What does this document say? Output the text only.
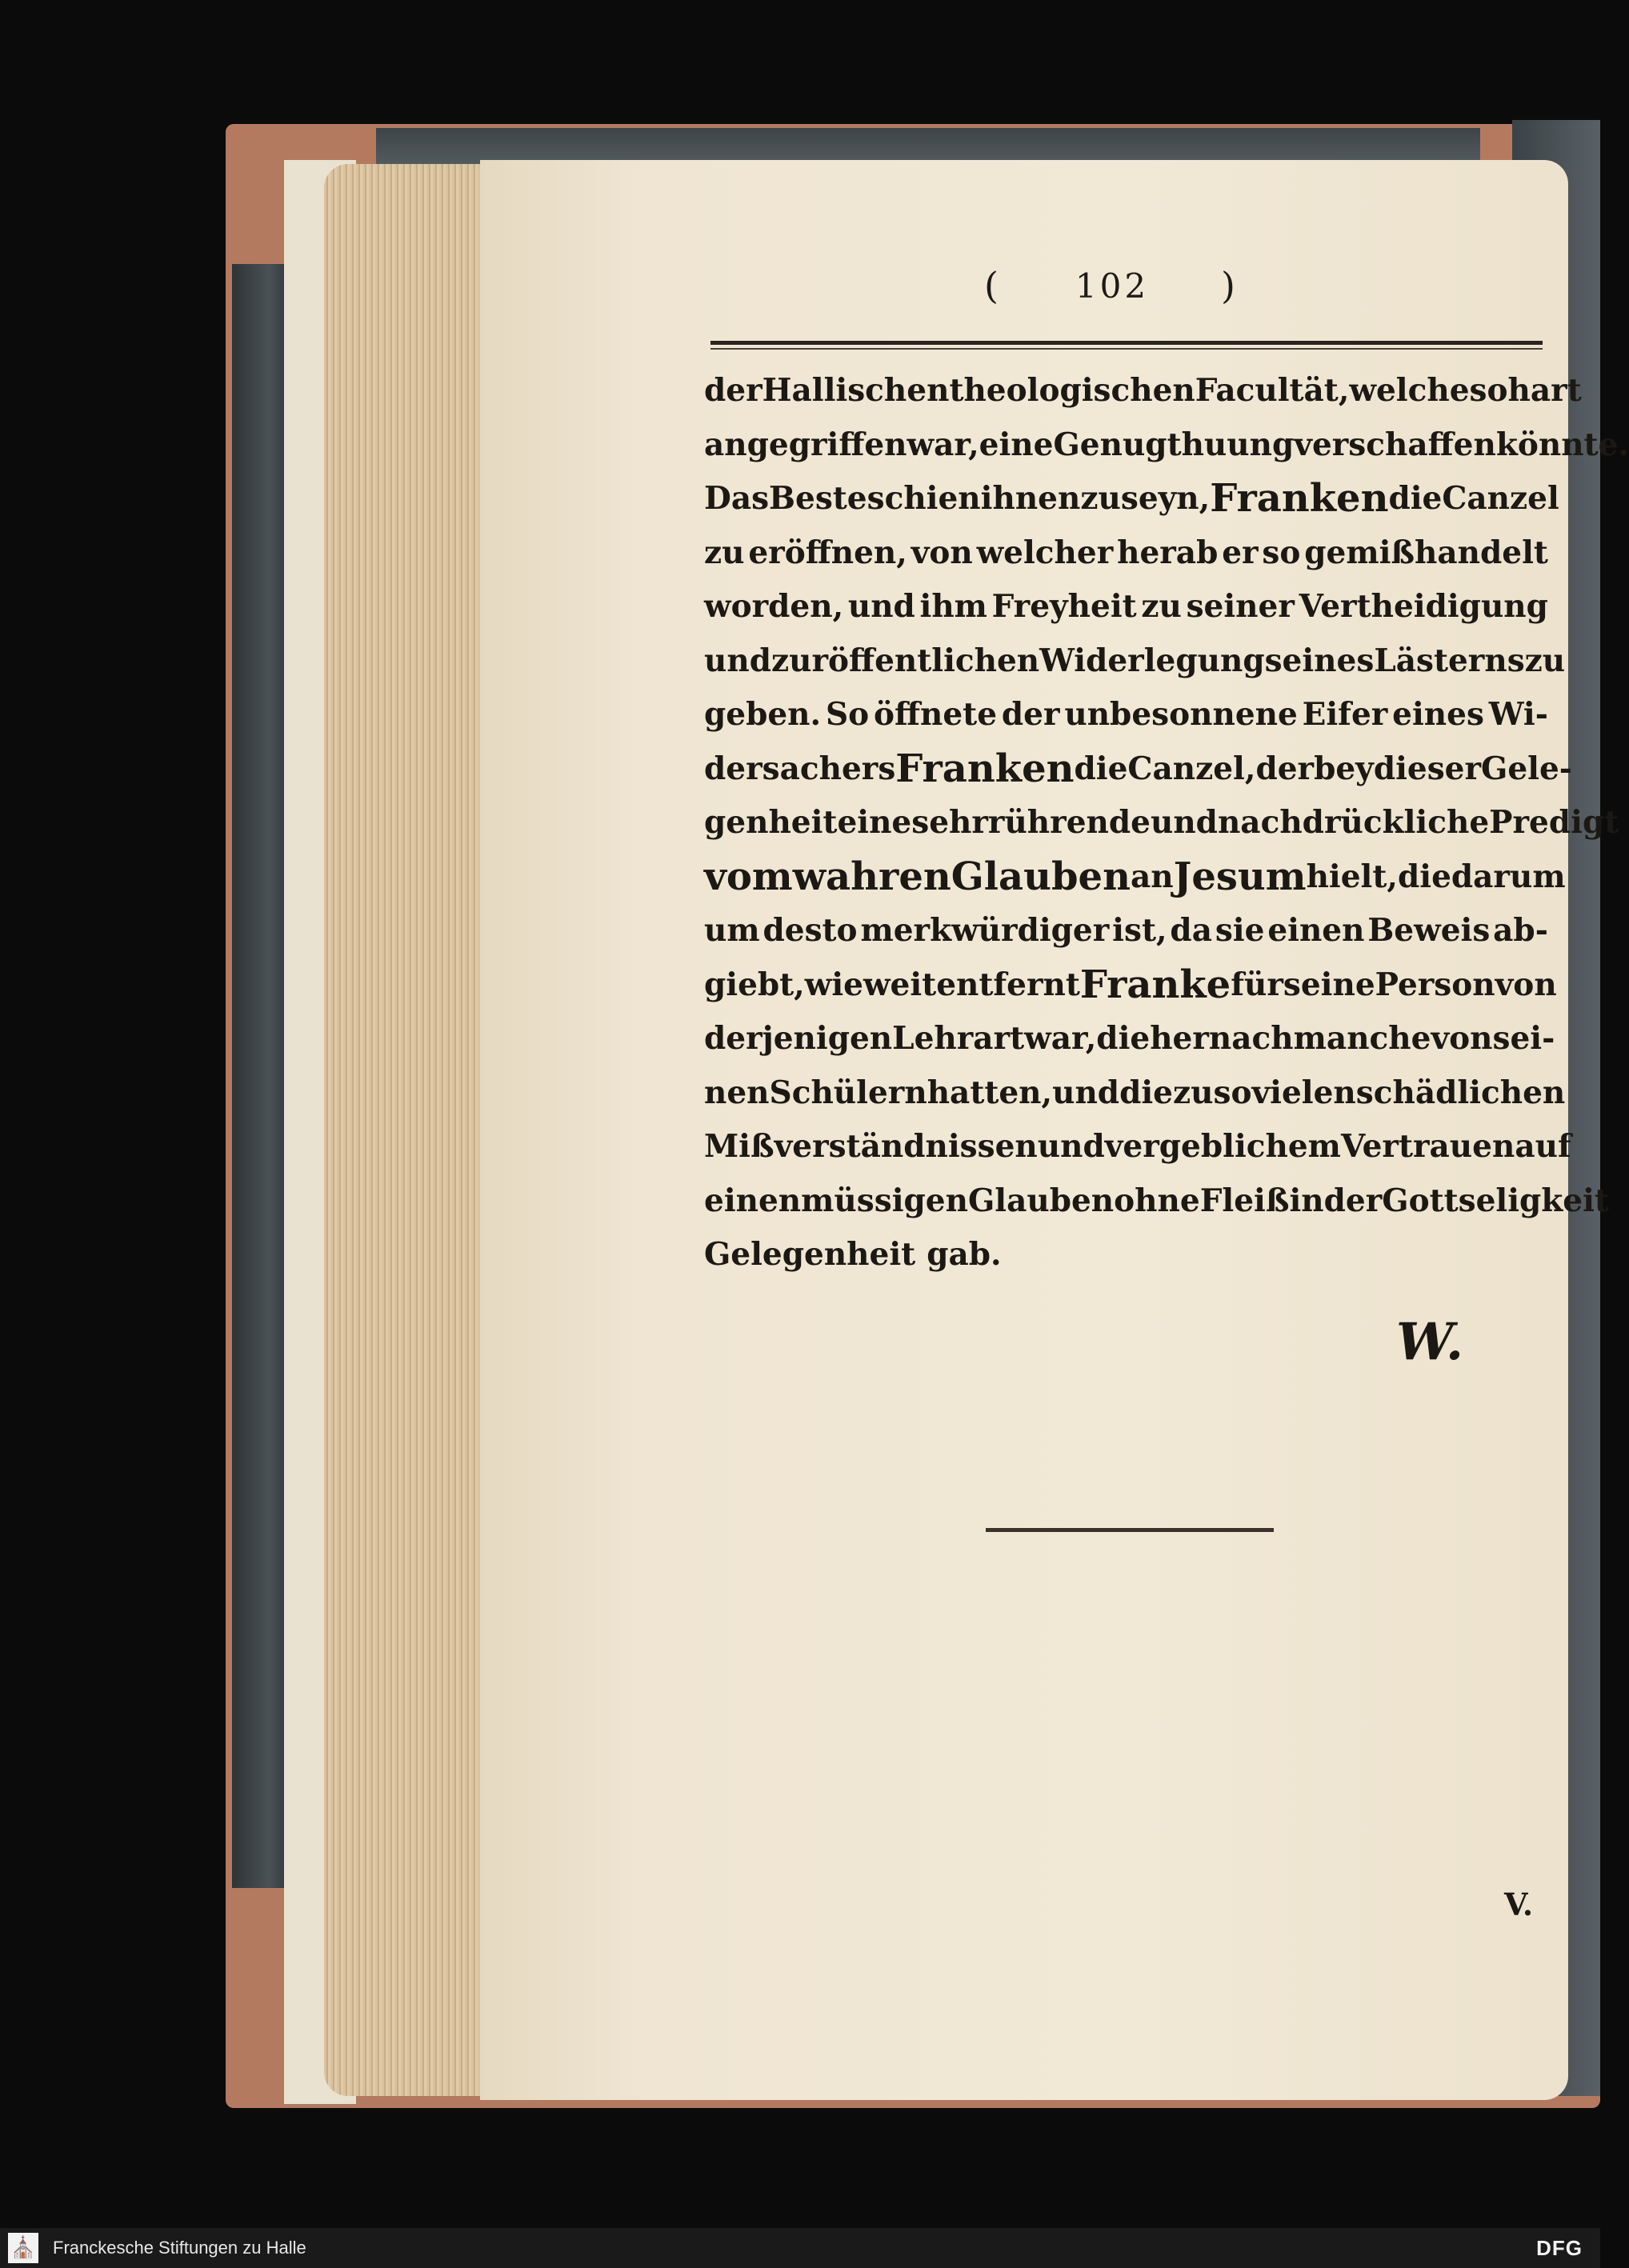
( 102 )
der Hallischen theologischen Facultät, welche so hart
angegriffen war, eine Genugthuung verschaffen könnte.
Das Beste schien ihnen zu seyn, Franken die Canzel
zu eröffnen, von welcher herab er so gemißhandelt
worden, und ihm Freyheit zu seiner Vertheidigung
und zur öffentlichen Widerlegung seines Lästerns zu
geben. So öffnete der unbesonnene Eifer eines Wi-
dersachers Franken die Canzel, der bey dieser Gele-
genheit eine sehr rührende und nachdrückliche Predigt
vom wahren Glauben an Jesum hielt, die darum
um desto merkwürdiger ist, da sie einen Beweis ab-
giebt, wie weit entfernt Franke für seine Person von
derjenigen Lehrart war, die hernach manche von sei-
nen Schülern hatten, und die zu so vielen schädlichen
Mißverständnissen und vergeblichem Vertrauen auf
einen müssigen Glauben ohne Fleiß in der Gottseligkeit
Gelegenheit gab.
W.
V.
⛪ Franckesche Stiftungen zu Halle	DFG
